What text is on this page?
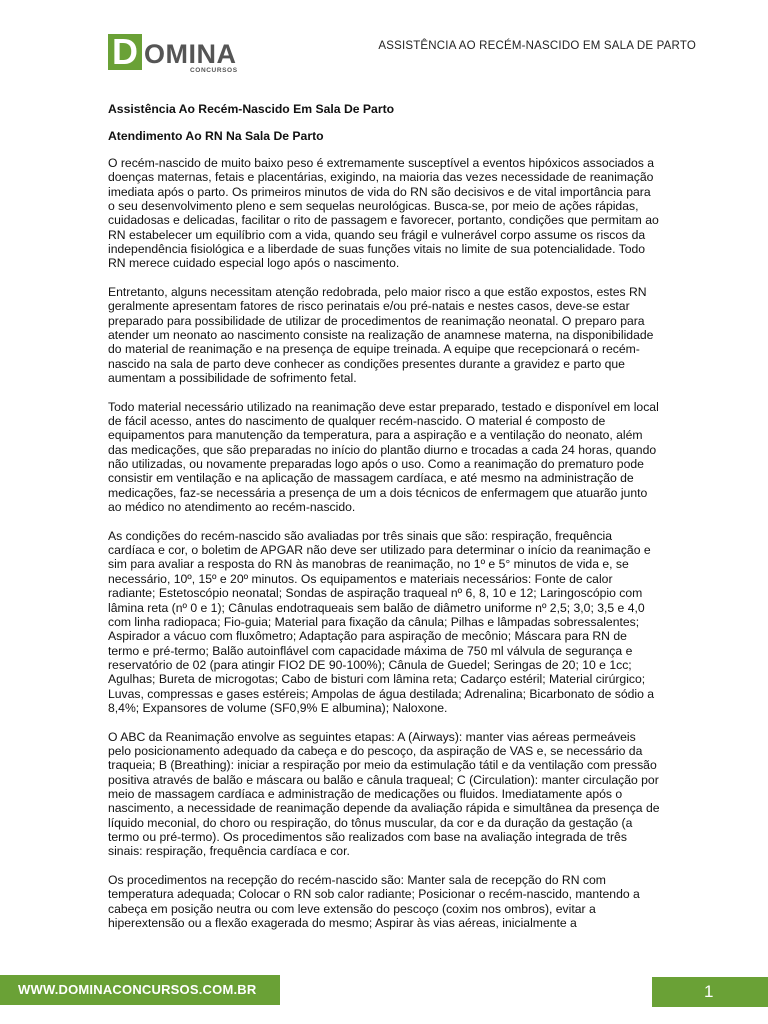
D OMINA
CONCURSOS
ASSISTÊNCIA AO RECÉM-NASCIDO EM SALA DE PARTO
Assistência Ao Recém-Nascido Em Sala De Parto
Atendimento Ao RN Na Sala De Parto

O recém-nascido de muito baixo peso é extremamente susceptível a eventos hipóxicos associados a doenças maternas, fetais e placentárias, exigindo, na maioria das vezes necessidade de reanimação imediata após o parto. Os primeiros minutos de vida do RN são decisivos e de vital importância para o seu desenvolvimento pleno e sem sequelas neurológicas. Busca-se, por meio de ações rápidas, cuidadosas e delicadas, facilitar o rito de passagem e favorecer, portanto, condições que permitam ao RN estabelecer um equilíbrio com a vida, quando seu frágil e vulnerável corpo assume os riscos da independência fisiológica e a liberdade de suas funções vitais no limite de sua potencialidade. Todo RN merece cuidado especial logo após o nascimento.

Entretanto, alguns necessitam atenção redobrada, pelo maior risco a que estão expostos, estes RN geralmente apresentam fatores de risco perinatais e/ou pré-natais e nestes casos, deve-se estar preparado para possibilidade de utilizar de procedimentos de reanimação neonatal. O preparo para atender um neonato ao nascimento consiste na realização de anamnese materna, na disponibilidade do material de reanimação e na presença de equipe treinada. A equipe que recepcionará o recém-nascido na sala de parto deve conhecer as condições presentes durante a gravidez e parto que aumentam a possibilidade de sofrimento fetal.

Todo material necessário utilizado na reanimação deve estar preparado, testado e disponível em local de fácil acesso, antes do nascimento de qualquer recém-nascido. O material é composto de equipamentos para manutenção da temperatura, para a aspiração e a ventilação do neonato, além das medicações, que são preparadas no início do plantão diurno e trocadas a cada 24 horas, quando não utilizadas, ou novamente preparadas logo após o uso. Como a reanimação do prematuro pode consistir em ventilação e na aplicação de massagem cardíaca, e até mesmo na administração de medicações, faz-se necessária a presença de um a dois técnicos de enfermagem que atuarão junto ao médico no atendimento ao recém-nascido.

As condições do recém-nascido são avaliadas por três sinais que são: respiração, frequência cardíaca e cor, o boletim de APGAR não deve ser utilizado para determinar o início da reanimação e sim para avaliar a resposta do RN às manobras de reanimação, no 1º e 5° minutos de vida e, se necessário, 10º, 15º e 20º minutos. Os equipamentos e materiais necessários: Fonte de calor radiante; Estetoscópio neonatal; Sondas de aspiração traqueal nº 6, 8, 10 e 12; Laringoscópio com lâmina reta (nº 0 e 1); Cânulas endotraqueais sem balão de diâmetro uniforme nº 2,5; 3,0; 3,5 e 4,0 com linha radiopaca; Fio-guia; Material para fixação da cânula; Pilhas e lâmpadas sobressalentes; Aspirador a vácuo com fluxômetro; Adaptação para aspiração de mecônio; Máscara para RN de termo e pré-termo; Balão autoinflável com capacidade máxima de 750 ml válvula de segurança e reservatório de 02 (para atingir FIO2 DE 90-100%); Cânula de Guedel; Seringas de 20; 10 e 1cc; Agulhas; Bureta de microgotas; Cabo de bisturi com lâmina reta; Cadarço estéril; Material cirúrgico; Luvas, compressas e gases estéreis; Ampolas de água destilada; Adrenalina; Bicarbonato de sódio a 8,4%; Expansores de volume (SF0,9% E albumina); Naloxone.

O ABC da Reanimação envolve as seguintes etapas: A (Airways): manter vias aéreas permeáveis pelo posicionamento adequado da cabeça e do pescoço, da aspiração de VAS e, se necessário da traqueia; B (Breathing): iniciar a respiração por meio da estimulação tátil e da ventilação com pressão positiva através de balão e máscara ou balão e cânula traqueal; C (Circulation): manter circulação por meio de massagem cardíaca e administração de medicações ou fluidos. Imediatamente após o nascimento, a necessidade de reanimação depende da avaliação rápida e simultânea da presença de líquido meconial, do choro ou respiração, do tônus muscular, da cor e da duração da gestação (a termo ou pré-termo). Os procedimentos são realizados com base na avaliação integrada de três sinais: respiração, frequência cardíaca e cor.

Os procedimentos na recepção do recém-nascido são: Manter sala de recepção do RN com temperatura adequada; Colocar o RN sob calor radiante; Posicionar o recém-nascido, mantendo a cabeça em posição neutra ou com leve extensão do pescoço (coxim nos ombros), evitar a hiperextensão ou a flexão exagerada do mesmo; Aspirar às vias aéreas, inicialmente a

WWW.DOMINACONCURSOS.COM.BR	1
